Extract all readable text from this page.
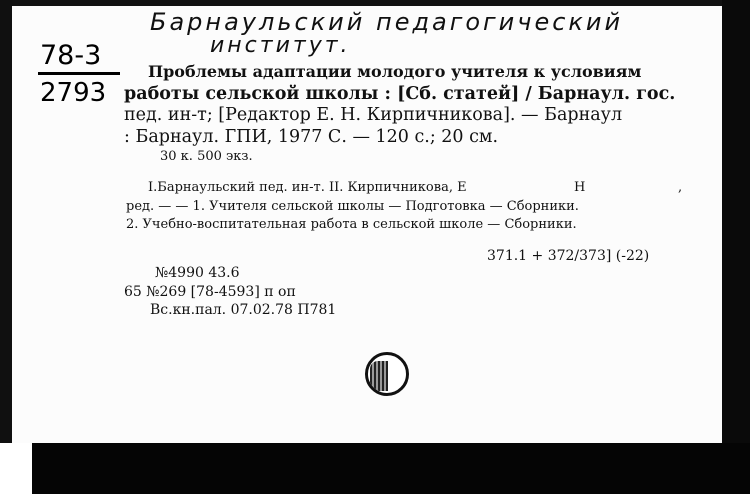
Барнаульский педагогический
институт.
78-3
2793
Проблемы адаптации молодого учителя к условиям
работы сельской школы : [Сб. статей] / Барнаул. гос.
пед. ин-т; [Редактор Е. Н. Кирпичникова]. — Барнаул
: Барнаул. ГПИ, 1977 С. — 120 с.; 20 см.
30 к. 500 экз.
I.Барнаульский пед. ин-т. II. Кирпичникова, Е	Н	,
ред. — — 1. Учителя сельской школы — Подготовка — Сборники.
2. Учебно-воспитательная работа в сельской школе — Сборники.
371.1 + 372/373] (-22)
№4990 43.6
65 №269 [78-4593] п оп
Вс.кн.пал. 07.02.78 П781
